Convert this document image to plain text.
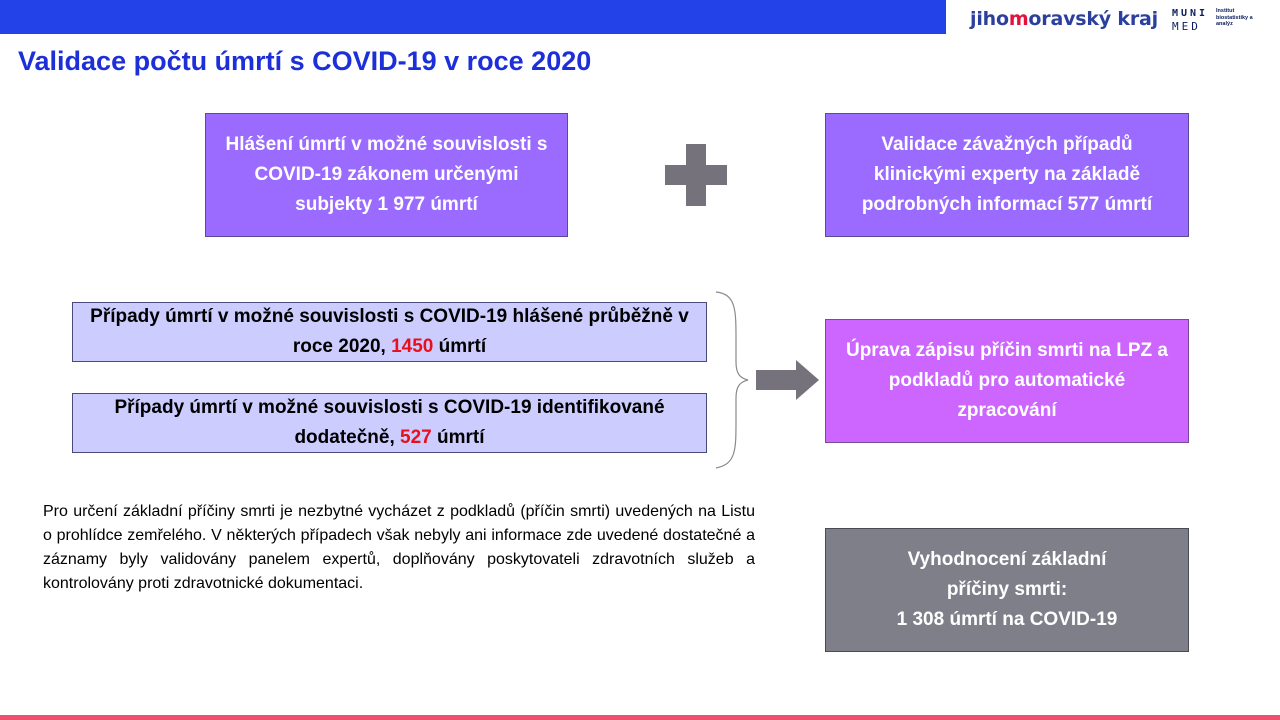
jihomoravský kraj MUNI
MED
Institut biostatistiky a analýz
Validace počtu úmrtí s COVID-19 v roce 2020
Hlášení úmrtí v možné souvislosti s COVID-19 zákonem určenými subjekty 1 977 úmrtí
Validace závažných případů klinickými experty na základě podrobných informací 577 úmrtí
Případy úmrtí v možné souvislosti s COVID-19 hlášené průběžně v roce 2020, 1450 úmrtí
Případy úmrtí v možné souvislosti s COVID-19 identifikované dodatečně, 527 úmrtí
Úprava zápisu příčin smrti na LPZ a podkladů pro automatické zpracování
Pro určení základní příčiny smrti je nezbytné vycházet z podkladů (příčin smrti) uvedených na Listu o prohlídce zemřelého. V některých případech však nebyly ani informace zde uvedené dostatečné a záznamy byly validovány panelem expertů, doplňovány poskytovateli zdravotních služeb a kontrolovány proti zdravotnické dokumentaci.
Vyhodnocení základní
příčiny smrti:
1 308 úmrtí na COVID-19
